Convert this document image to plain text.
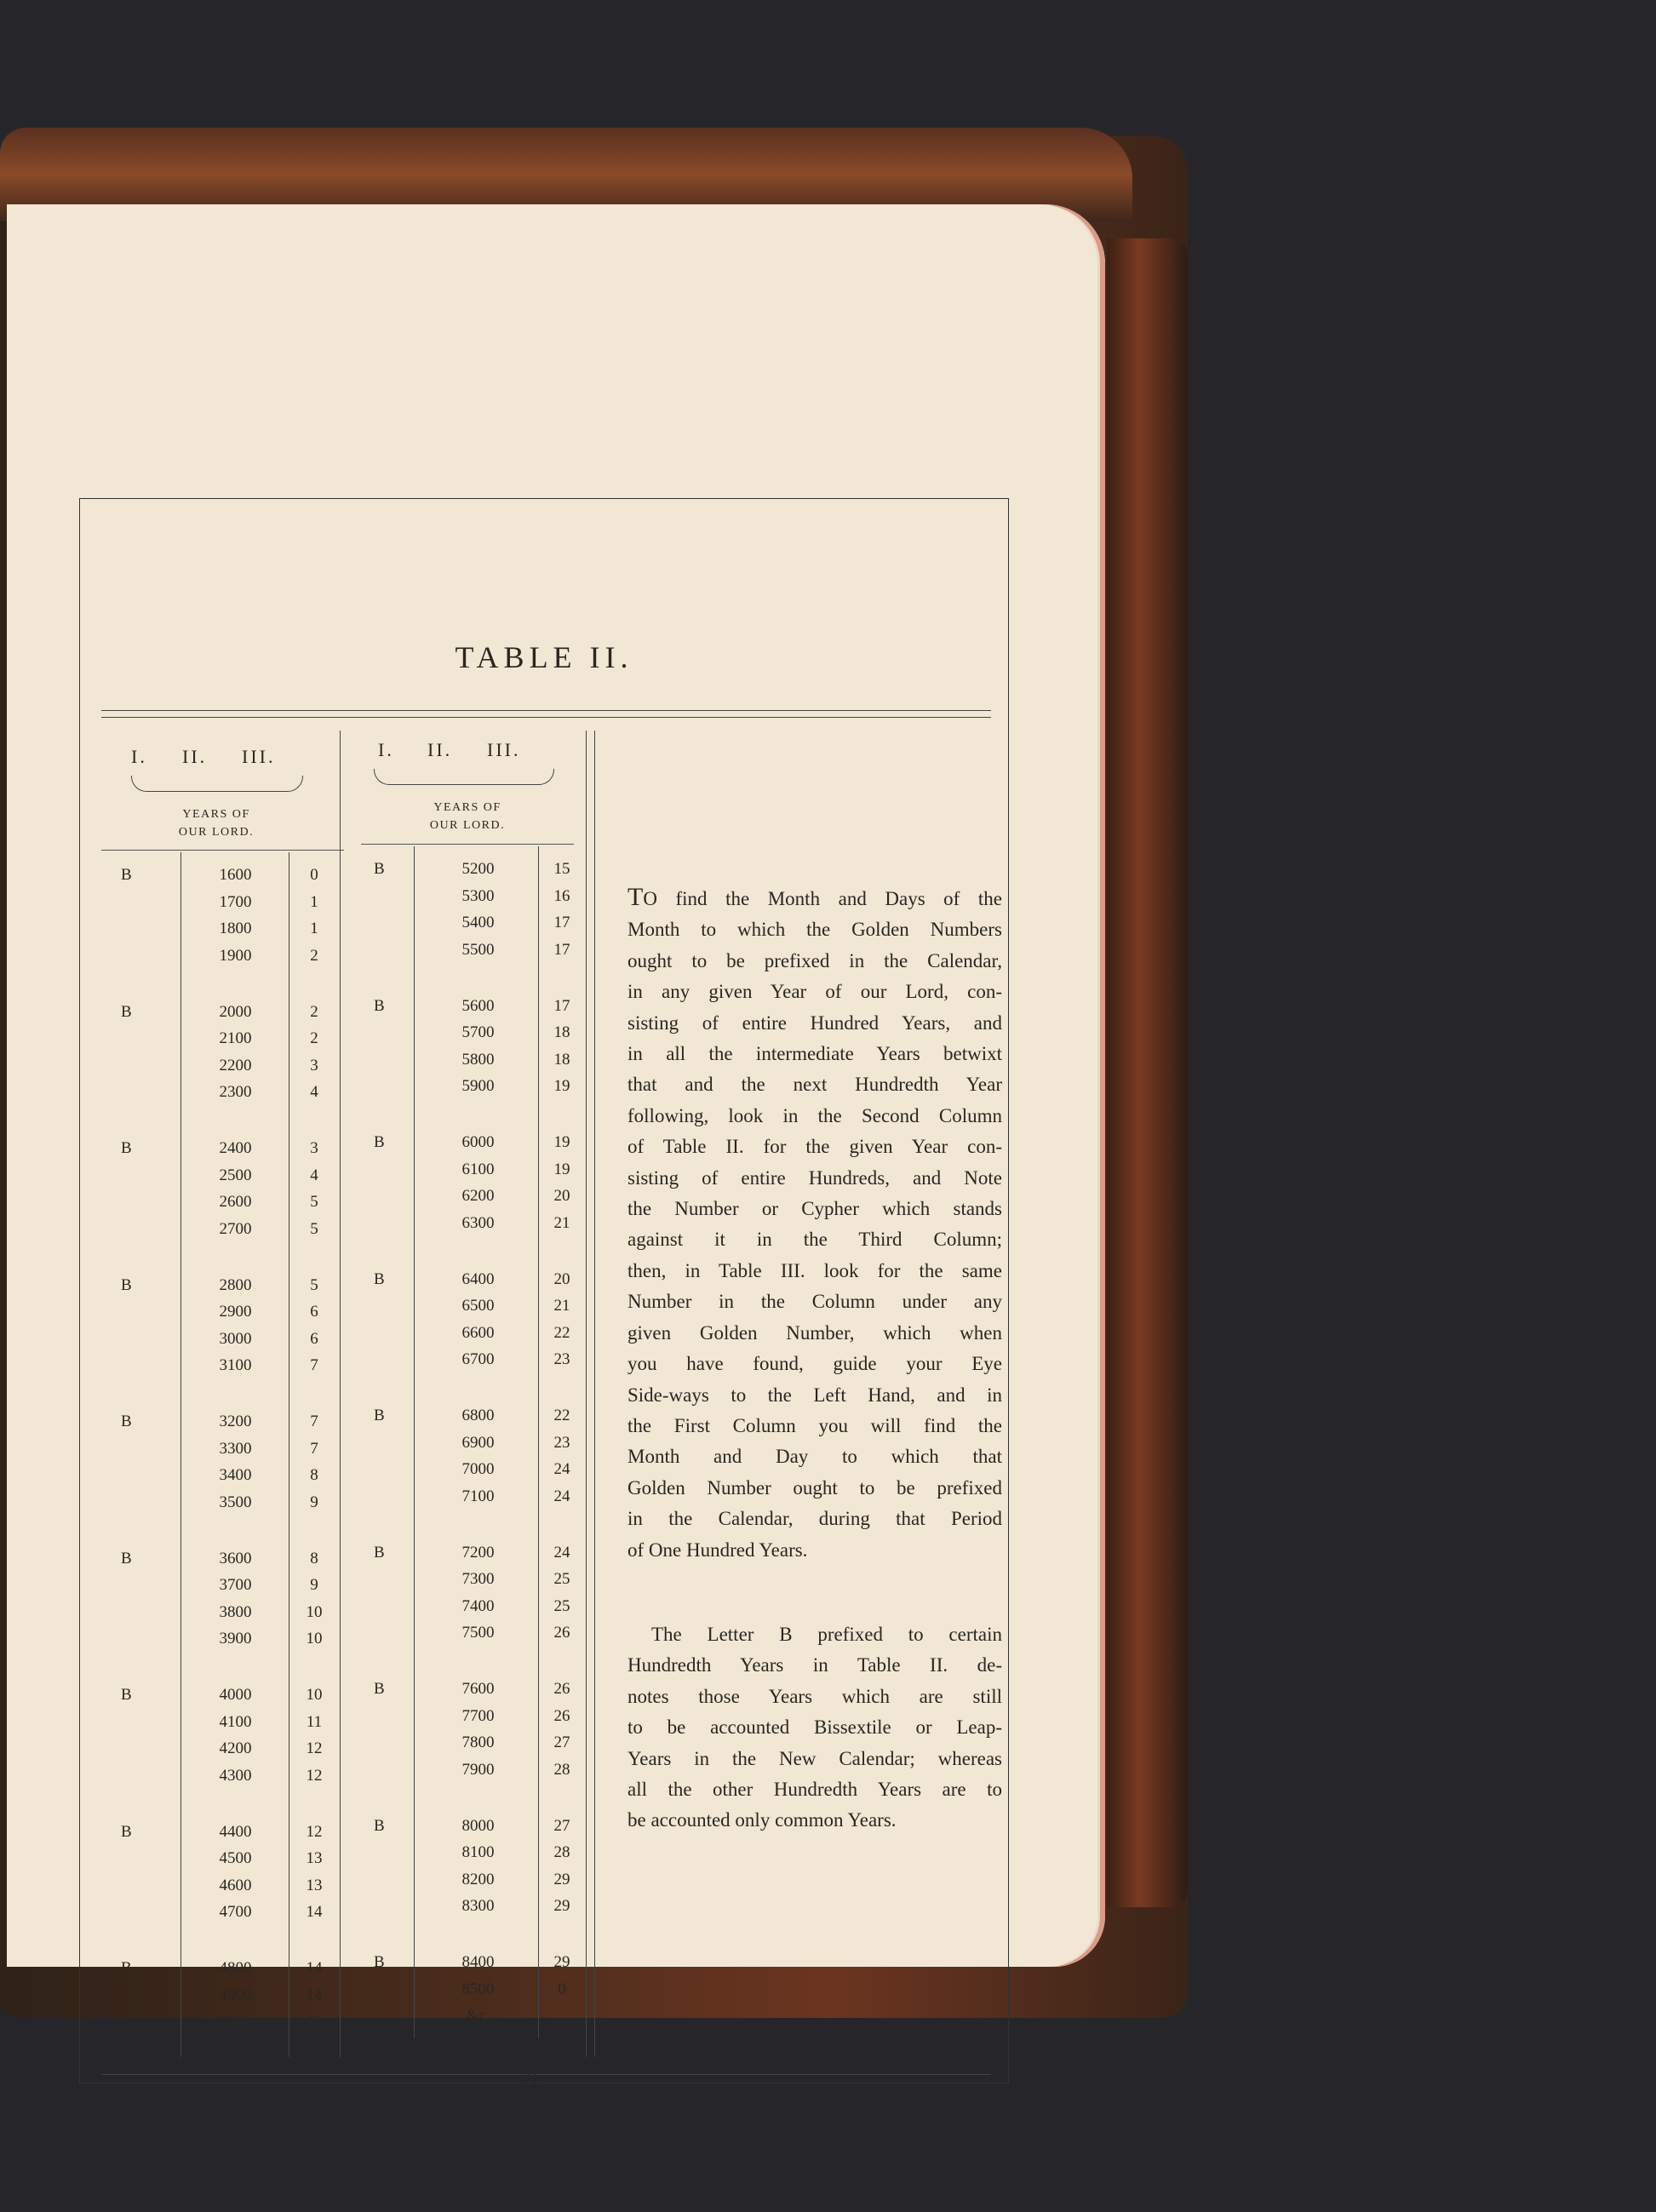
TABLE II.
I. II. III.
YEARS OF
OUR LORD.
I. II. III.
YEARS OF
OUR LORD.
B	1600	0
1700	1
1800	1
1900	2
B	2000	2
2100	2
2200	3
2300	4
B	2400	3
2500	4
2600	5
2700	5
B	2800	5
2900	6
3000	6
3100	7
B	3200	7
3300	7
3400	8
3500	9
B	3600	8
3700	9
3800	10
3900	10
B	4000	10
4100	11
4200	12
4300	12
B	4400	12
4500	13
4600	13
4700	14
B	4800	14
4900	14
5000	15
5100	16
B	5200	15
5300	16
5400	17
5500	17
B	5600	17
5700	18
5800	18
5900	19
B	6000	19
6100	19
6200	20
6300	21
B	6400	20
6500	21
6600	22
6700	23
B	6800	22
6900	23
7000	24
7100	24
B	7200	24
7300	25
7400	25
7500	26
B	7600	26
7700	26
7800	27
7900	28
B	8000	27
8100	28
8200	29
8300	29
B	8400	29
8500	0
&c.
TO find the Month and Days of the
Month to which the Golden Numbers
ought to be prefixed in the Calendar,
in any given Year of our Lord, con-
sisting of entire Hundred Years, and
in all the intermediate Years betwixt
that and the next Hundredth Year
following, look in the Second Column
of Table II. for the given Year con-
sisting of entire Hundreds, and Note
the Number or Cypher which stands
against it in the Third Column;
then, in Table III. look for the same
Number in the Column under any
given Golden Number, which when
you have found, guide your Eye
Side-ways to the Left Hand, and in
the First Column you will find the
Month and Day to which that
Golden Number ought to be prefixed
in the Calendar, during that Period
of One Hundred Years.
The Letter B prefixed to certain
Hundredth Years in Table II. de-
notes those Years which are still
to be accounted Bissextile or Leap-
Years in the New Calendar; whereas
all the other Hundredth Years are to
be accounted only common Years.
31
